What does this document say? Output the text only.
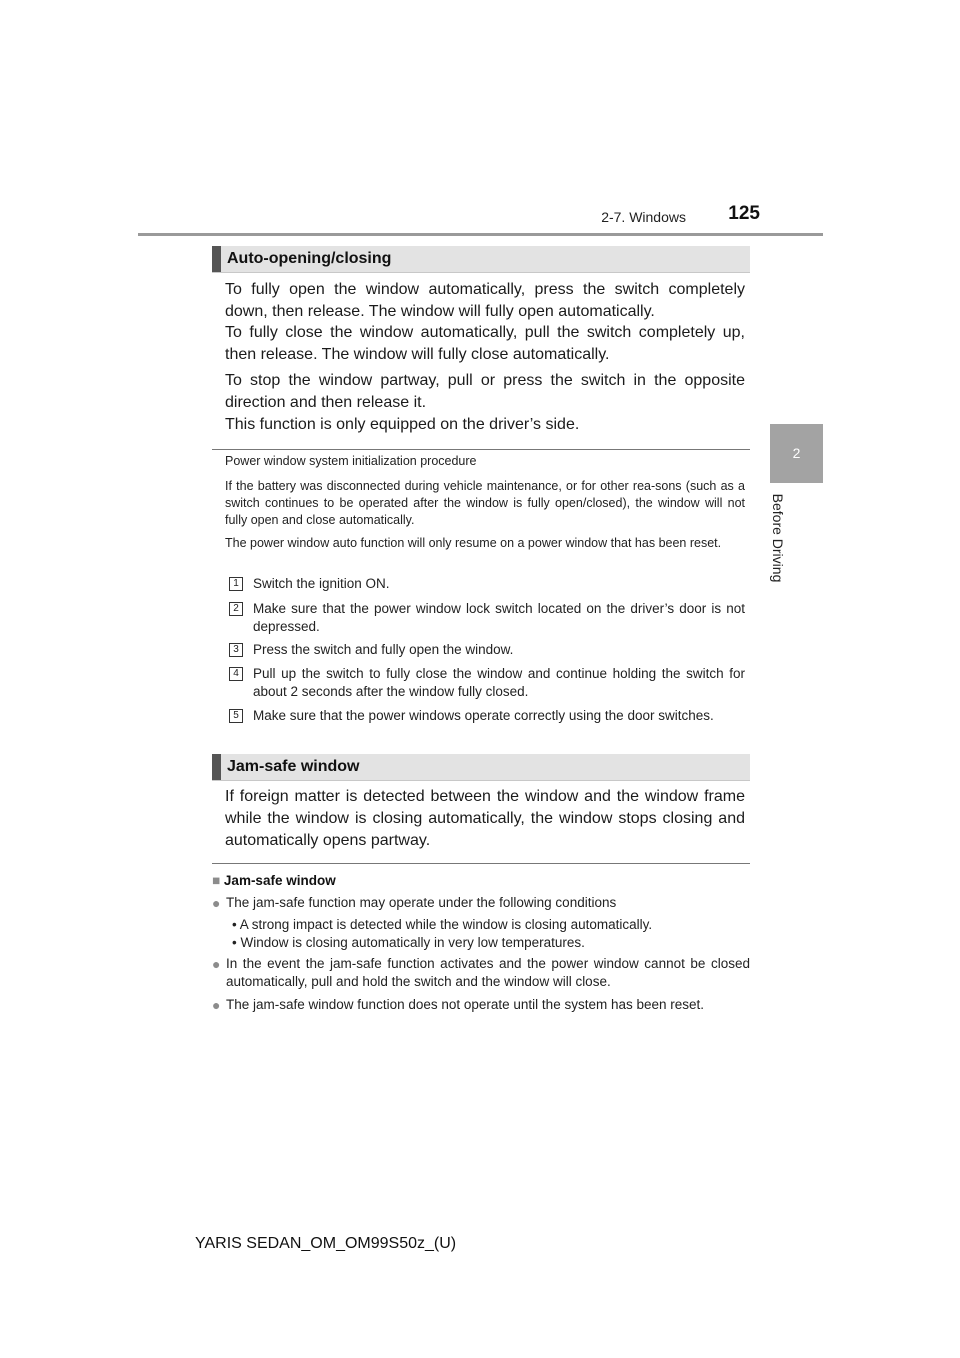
2-7. Windows	125
2
Before Driving
Auto-opening/closing

To fully open the window automatically, press the switch completely down, then release. The window will fully open automatically.

To fully close the window automatically, pull the switch completely up, then release. The window will fully close automatically.

To stop the window partway, pull or press the switch in the opposite direction and then release it.

This function is only equipped on the driver’s side.

Power window system initialization procedure

If the battery was disconnected during vehicle maintenance, or for other rea-sons (such as a switch continues to be operated after the window is fully open/closed), the window will not fully open and close automatically.

The power window auto function will only resume on a power window that has been reset.

1	Switch the ignition ON.

2	Make sure that the power window lock switch located on the driver’s door is not depressed.

3	Press the switch and fully open the window.

4	Pull up the switch to fully close the window and continue holding the switch for about 2 seconds after the window fully closed.

5	Make sure that the power windows operate correctly using the door switches.

Jam-safe window

If foreign matter is detected between the window and the window frame while the window is closing automatically, the window stops closing and automatically opens partway.

■ Jam-safe window
● The jam-safe function may operate under the following conditions

• A strong impact is detected while the window is closing automatically.

• Window is closing automatically in very low temperatures.

● In the event the jam-safe function activates and the power window cannot be closed automatically, pull and hold the switch and the window will close.

● The jam-safe window function does not operate until the system has been reset.

YARIS SEDAN_OM_OM99S50z_(U)
